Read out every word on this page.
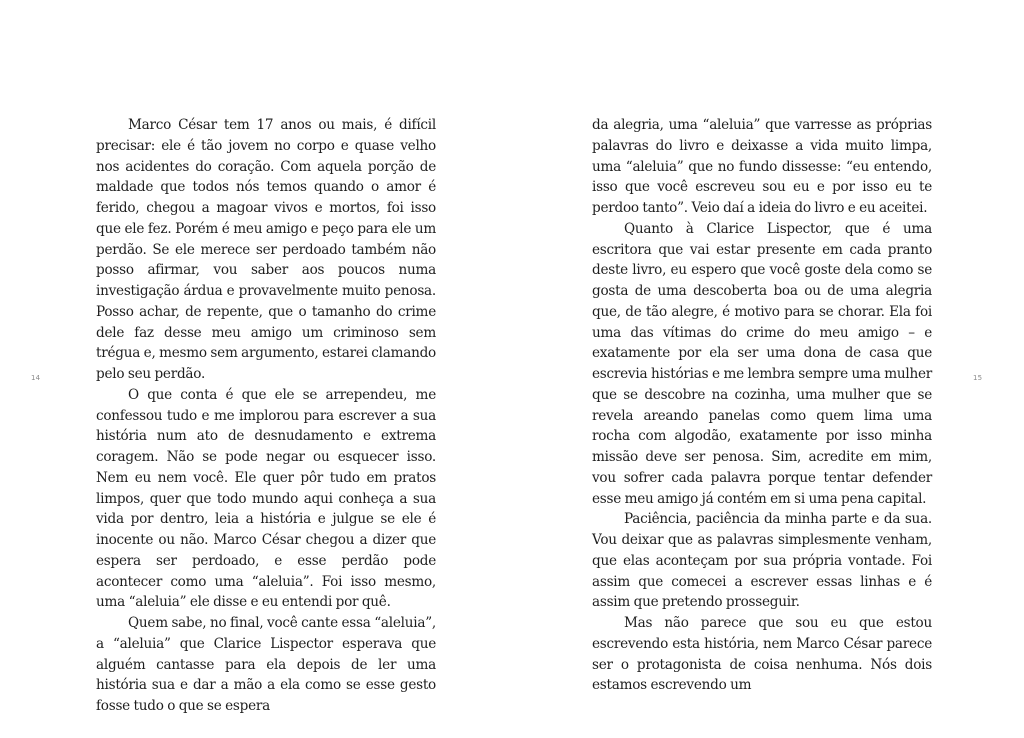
Marco César tem 17 anos ou mais, é difícil precisar: ele é tão jovem no corpo e quase velho nos acidentes do coração. Com aquela porção de maldade que todos nós temos quando o amor é ferido, chegou a magoar vivos e mortos, foi isso que ele fez. Porém é meu amigo e peço para ele um perdão. Se ele merece ser perdoado também não posso afirmar, vou saber aos poucos numa investigação árdua e provavelmente muito penosa. Posso achar, de repente, que o tamanho do crime dele faz desse meu amigo um criminoso sem trégua e, mesmo sem argumento, estarei clamando pelo seu perdão.

O que conta é que ele se arrependeu, me confessou tudo e me implorou para escrever a sua história num ato de desnudamento e extrema coragem. Não se pode negar ou esquecer isso. Nem eu nem você. Ele quer pôr tudo em pratos limpos, quer que todo mundo aqui conheça a sua vida por dentro, leia a história e julgue se ele é inocente ou não. Marco César chegou a dizer que espera ser perdoado, e esse perdão pode acontecer como uma “aleluia”. Foi isso mesmo, uma “aleluia” ele disse e eu entendi por quê.

Quem sabe, no final, você cante essa “aleluia”, a “aleluia” que Clarice Lispector esperava que alguém cantasse para ela depois de ler uma história sua e dar a mão a ela como se esse gesto fosse tudo o que se espera

14

da alegria, uma “aleluia” que varresse as próprias palavras do livro e deixasse a vida muito limpa, uma “aleluia” que no fundo dissesse: “eu entendo, isso que você escreveu sou eu e por isso eu te perdoo tanto”. Veio daí a ideia do livro e eu aceitei.

Quanto à Clarice Lispector, que é uma escritora que vai estar presente em cada pranto deste livro, eu espero que você goste dela como se gosta de uma descoberta boa ou de uma alegria que, de tão alegre, é motivo para se chorar. Ela foi uma das vítimas do crime do meu amigo – e exatamente por ela ser uma dona de casa que escrevia histórias e me lembra sempre uma mulher que se descobre na cozinha, uma mulher que se revela areando panelas como quem lima uma rocha com algodão, exatamente por isso minha missão deve ser penosa. Sim, acredite em mim, vou sofrer cada palavra porque tentar defender esse meu amigo já contém em si uma pena capital.

Paciência, paciência da minha parte e da sua. Vou deixar que as palavras simplesmente venham, que elas aconteçam por sua própria vontade. Foi assim que comecei a escrever essas linhas e é assim que pretendo prosseguir.

Mas não parece que sou eu que estou escrevendo esta história, nem Marco César parece ser o protagonista de coisa nenhuma. Nós dois estamos escrevendo um

15
